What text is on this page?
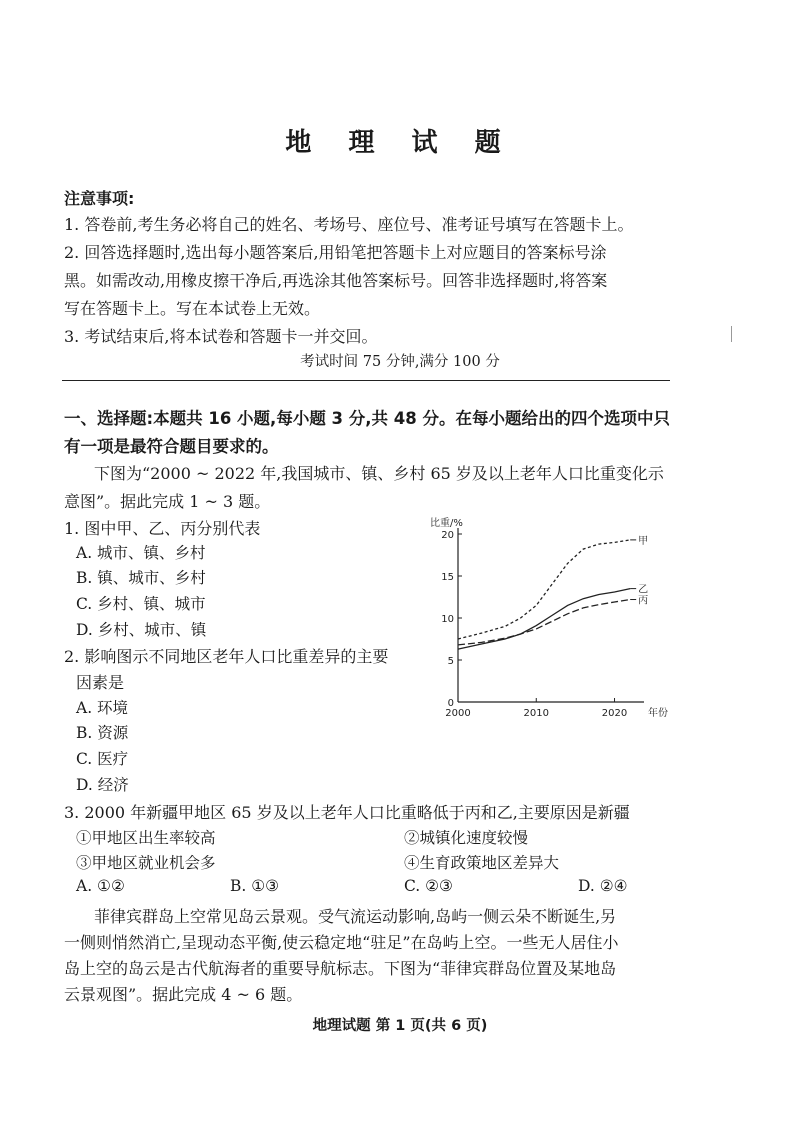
地 理 试 题
注意事项:
1. 答卷前,考生务必将自己的姓名、考场号、座位号、准考证号填写在答题卡上。
2. 回答选择题时,选出每小题答案后,用铅笔把答题卡上对应题目的答案标号涂
黑。如需改动,用橡皮擦干净后,再选涂其他答案标号。回答非选择题时,将答案
写在答题卡上。写在本试卷上无效。
3. 考试结束后,将本试卷和答题卡一并交回。
考试时间 75 分钟,满分 100 分
一、选择题:本题共 16 小题,每小题 3 分,共 48 分。在每小题给出的四个选项中只
有一项是最符合题目要求的。
下图为“2000 ~ 2022 年,我国城市、镇、乡村 65 岁及以上老年人口比重变化示
意图”。据此完成 1 ~ 3 题。
1. 图中甲、乙、丙分别代表
A. 城市、镇、乡村
B. 镇、城市、乡村
C. 乡村、镇、城市
D. 乡村、城市、镇
2. 影响图示不同地区老年人口比重差异的主要
因素是
A. 环境
B. 资源
C. 医疗
D. 经济
0
5
10
15
20
2000	2010	2020
比重/%
年份
甲
乙
丙
3. 2000 年新疆甲地区 65 岁及以上老年人口比重略低于丙和乙,主要原因是新疆
①甲地区出生率较高	②城镇化速度较慢
③甲地区就业机会多	④生育政策地区差异大
A. ①②	B. ①③	C. ②③	D. ②④
菲律宾群岛上空常见岛云景观。受气流运动影响,岛屿一侧云朵不断诞生,另
一侧则悄然消亡,呈现动态平衡,使云稳定地“驻足”在岛屿上空。一些无人居住小
岛上空的岛云是古代航海者的重要导航标志。下图为“菲律宾群岛位置及某地岛
云景观图”。据此完成 4 ~ 6 题。
地理试题 第 1 页(共 6 页)
